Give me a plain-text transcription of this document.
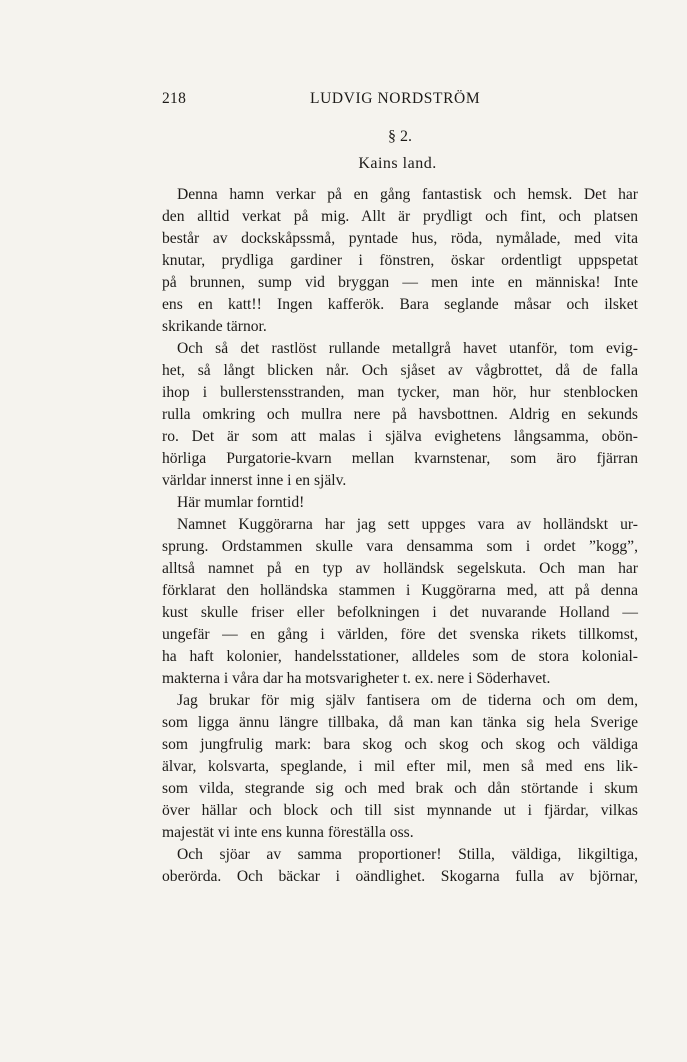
218	LUDVIG NORDSTRÖM
§ 2.
Kains land.
Denna hamn verkar på en gång fantastisk och hemsk. Det har
den alltid verkat på mig. Allt är prydligt och fint, och platsen
består av dockskåpssmå, pyntade hus, röda, nymålade, med vita
knutar, prydliga gardiner i fönstren, öskar ordentligt uppspetat
på brunnen, sump vid bryggan — men inte en människa! Inte
ens en katt!! Ingen kafferök. Bara seglande måsar och ilsket
skrikande tärnor.
Och så det rastlöst rullande metallgrå havet utanför, tom evig-
het, så långt blicken når. Och sjåset av vågbrottet, då de falla
ihop i bullerstensstranden, man tycker, man hör, hur stenblocken
rulla omkring och mullra nere på havsbottnen. Aldrig en sekunds
ro. Det är som att malas i själva evighetens långsamma, obön-
hörliga Purgatorie-kvarn mellan kvarnstenar, som äro fjärran
världar innerst inne i en själv.
Här mumlar forntid!
Namnet Kuggörarna har jag sett uppges vara av holländskt ur-
sprung. Ordstammen skulle vara densamma som i ordet ”kogg”,
alltså namnet på en typ av holländsk segelskuta. Och man har
förklarat den holländska stammen i Kuggörarna med, att på denna
kust skulle friser eller befolkningen i det nuvarande Holland —
ungefär — en gång i världen, före det svenska rikets tillkomst,
ha haft kolonier, handelsstationer, alldeles som de stora kolonial-
makterna i våra dar ha motsvarigheter t. ex. nere i Söderhavet.
Jag brukar för mig själv fantisera om de tiderna och om dem,
som ligga ännu längre tillbaka, då man kan tänka sig hela Sverige
som jungfrulig mark: bara skog och skog och skog och väldiga
älvar, kolsvarta, speglande, i mil efter mil, men så med ens lik-
som vilda, stegrande sig och med brak och dån störtande i skum
över hällar och block och till sist mynnande ut i fjärdar, vilkas
majestät vi inte ens kunna föreställa oss.
Och sjöar av samma proportioner! Stilla, väldiga, likgiltiga,
oberörda. Och bäckar i oändlighet. Skogarna fulla av björnar,
